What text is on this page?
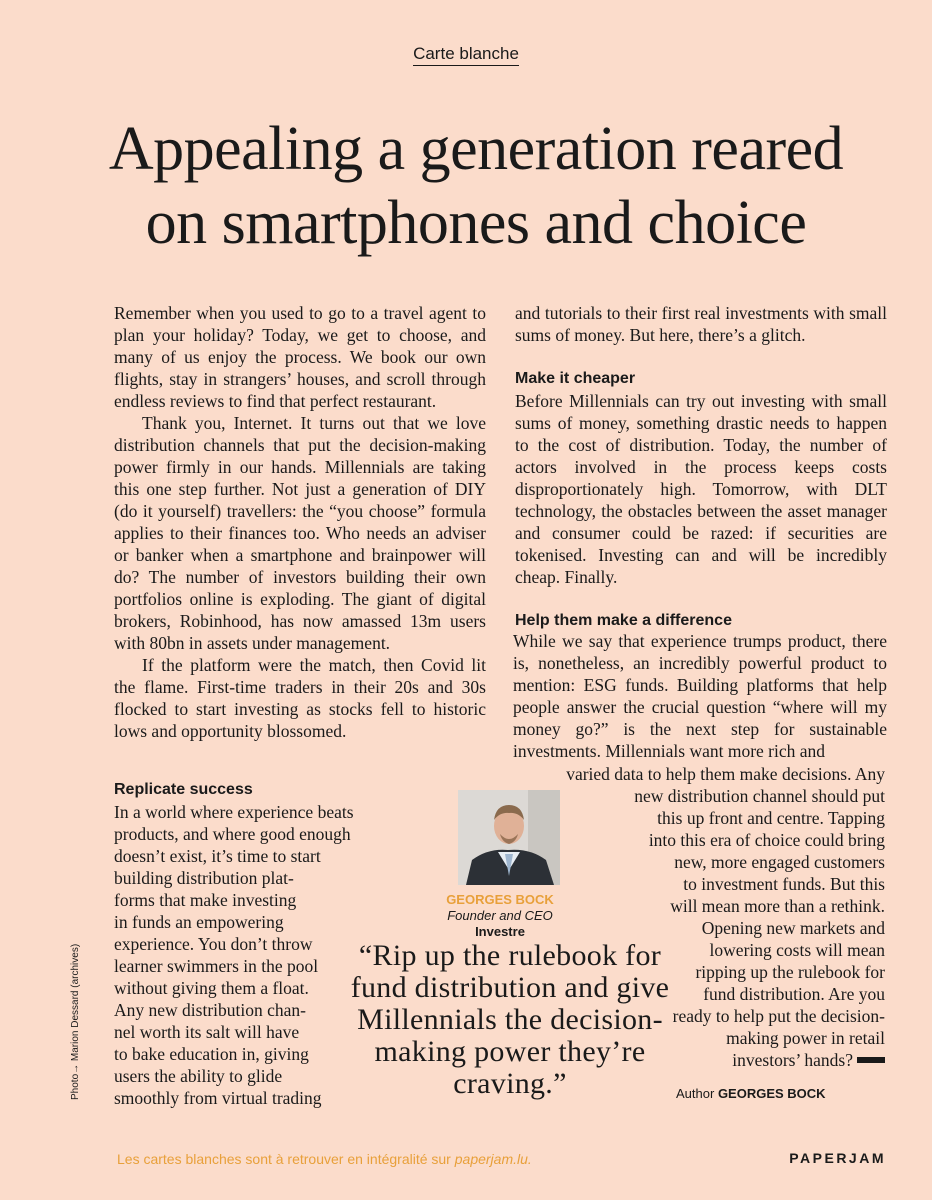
Carte blanche
Appealing a generation reared
on smartphones and choice

Remember when you used to go to a travel agent to plan your holiday? Today, we get to choose, and many of us enjoy the process. We book our own flights, stay in strangers’ houses, and scroll through endless reviews to find that perfect restaurant.

Thank you, Internet. It turns out that we love distribution channels that put the decision-making power firmly in our hands. Millennials are taking this one step further. Not just a generation of DIY (do it yourself) travellers: the “you choose” formula applies to their finances too. Who needs an adviser or banker when a smartphone and brainpower will do? The number of investors building their own portfolios online is exploding. The giant of digital brokers, Robinhood, has now amassed 13m users with 80bn in assets under management.

If the platform were the match, then Covid lit the flame. First-time traders in their 20s and 30s flocked to start investing as stocks fell to historic lows and opportunity blossomed.

Replicate success

In a world where experience beats
products, and where good enough
doesn’t exist, it’s time to start
building distribution plat-
forms that make investing
in funds an empowering
experience. You don’t throw
learner swimmers in the pool
without giving them a float.
Any new distribution chan-
nel worth its salt will have
to bake education in, giving
users the ability to glide
smoothly from virtual trading

and tutorials to their first real investments with small sums of money. But here, there’s a glitch.

Make it cheaper

Before Millennials can try out investing with small sums of money, something drastic needs to happen to the cost of distribution. Today, the number of actors involved in the process keeps costs disproportionately high. Tomorrow, with DLT technology, the obstacles between the asset manager and consumer could be razed: if securities are tokenised. Investing can and will be incredibly cheap. Finally.

Help them make a difference

While we say that experience trumps product, there is, nonetheless, an incredibly powerful product to mention: ESG funds. Building platforms that help people answer the crucial question “where will my money go?” is the next step for sustainable investments. Millennials want more rich and

varied data to help them make decisions. Any
new distribution channel should put
this up front and centre. Tapping
into this era of choice could bring
new, more engaged customers
to investment funds. But this
will mean more than a rethink.
Opening new markets and
lowering costs will mean
ripping up the rulebook for
fund distribution. Are you
ready to help put the decision-
making power in retail
investors’ hands?
GEORGES BOCK
Founder and CEO
Investre
“Rip up the rulebook for fund distribution and give Millennials the decision-making power they’re craving.”	Author GEORGES BOCK
Photo→ Marion Dessard (archives)
Les cartes blanches sont à retrouver en intégralité sur paperjam.lu.	PAPERJAM
